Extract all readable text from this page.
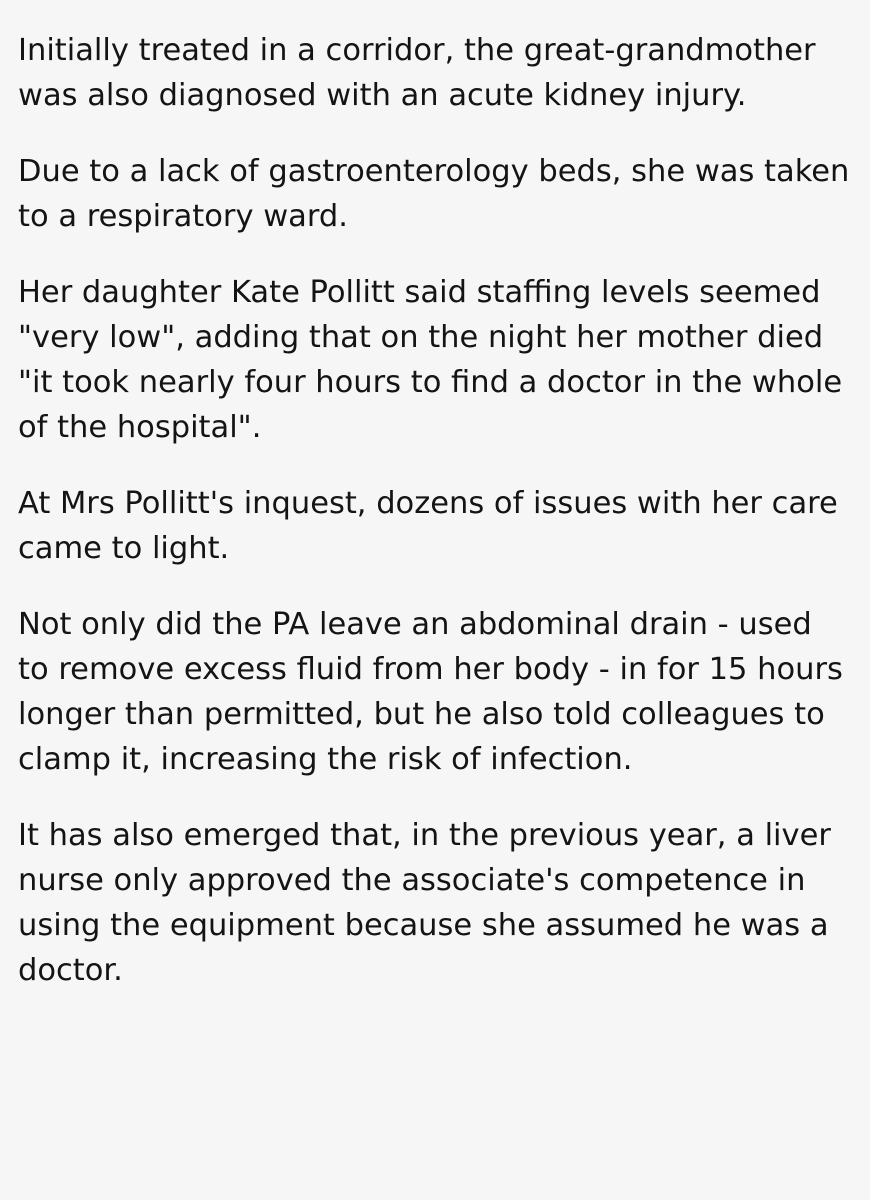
Initially treated in a corridor, the great-grandmother was also diagnosed with an acute kidney injury.

Due to a lack of gastroenterology beds, she was taken to a respiratory ward.

Her daughter Kate Pollitt said staffing levels seemed "very low", adding that on the night her mother died "it took nearly four hours to find a doctor in the whole of the hospital".

At Mrs Pollitt's inquest, dozens of issues with her care came to light.

Not only did the PA leave an abdominal drain - used to remove excess fluid from her body - in for 15 hours longer than permitted, but he also told colleagues to clamp it, increasing the risk of infection.

It has also emerged that, in the previous year, a liver nurse only approved the associate's competence in using the equipment because she assumed he was a doctor.
